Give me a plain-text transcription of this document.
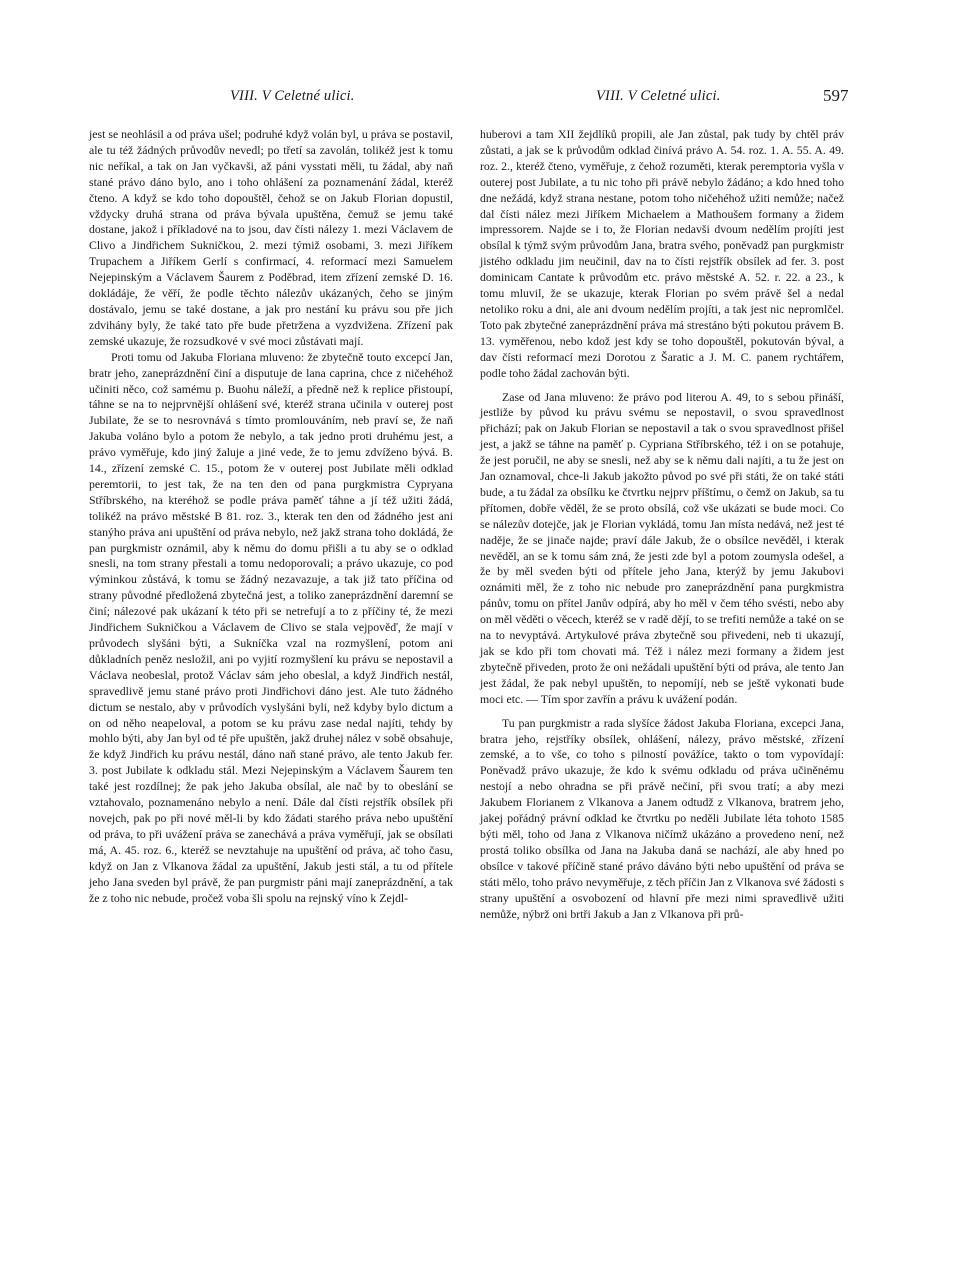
VIII. V Celetné ulici.	VIII. V Celetné ulici.	597

jest se neohlásil a od práva ušel; podruhé když volán byl, u práva se postavil, ale tu též žádných průvodův nevedl; po třetí sa zavolán, tolikéž jest k tomu nic neříkal, a tak on Jan vyčkavši, až páni vysstati měli, tu žádal, aby naň stané právo dáno bylo, ano i toho ohlášení za poznamenání žádal, kteréž čteno. A když se kdo toho dopouštěl, čehož se on Jakub Florian dopustil, vždycky druhá strana od práva bývala upuštěna, čemuž se jemu také dostane, jakož i příkladové na to jsou, dav čísti nálezy 1. mezi Václavem de Clivo a Jindřichem Sukničkou, 2. mezi týmiž osobami, 3. mezi Jiříkem Trupachem a Jiříkem Gerlí s confirmací, 4. reformací mezi Samuelem Nejepinským a Václavem Šaurem z Poděbrad, item zřízení zemské D. 16. dokládáje, že věří, že podle těchto nálezův ukázaných, čeho se jiným dostávalo, jemu se také dostane, a jak pro nestání ku právu sou pře jich zdvihány byly, že také tato pře bude přetržena a vyzdvižena. Zřízení pak zemské ukazuje, že rozsudkové v své moci zůstávati mají.

Proti tomu od Jakuba Floriana mluveno: že zbytečně touto excepcí Jan, bratr jeho, zaneprázdnění činí a disputuje de lana caprina, chce z ničehéhož učiniti něco, což samému p. Buohu náleží, a předně než k replice přistoupí, táhne se na to nejprvnější ohlášení své, kteréž strana učinila v outerej post Jubilate, že se to nesrovnává s tímto promlouváním, neb praví se, že naň Jakuba voláno bylo a potom že nebylo, a tak jedno proti druhému jest, a právo vyměřuje, kdo jiný žaluje a jiné vede, že to jemu zdvíženo bývá. B. 14., zřízení zemské C. 15., potom že v outerej post Jubilate měli odklad peremtorii, to jest tak, že na ten den od pana purgkmistra Cypryana Stříbrského, na kteréhož se podle práva paměť táhne a jí též užiti žádá, tolikéž na právo městské B 81. roz. 3., kterak ten den od žádného jest ani stanýho práva ani upuštění od práva nebylo, než jakž strana toho dokládá, že pan purgkmistr oznámil, aby k němu do domu přišli a tu aby se o odklad snesli, na tom strany přestali a tomu nedoporovali; a právo ukazuje, co pod výminkou zůstává, k tomu se žádný nezavazuje, a tak již tato příčina od strany původné předložená zbytečná jest, a toliko zaneprázdnění daremní se činí; nálezové pak ukázaní k této při se netrefují a to z příčiny té, že mezi Jindřichem Sukničkou a Václavem de Clivo se stala vejpověď, že mají v průvodech slyšáni býti, a Sukníčka vzal na rozmyšlení, potom ani důkladních peněz nesložil, ani po vyjití rozmyšlení ku právu se nepostavil a Václava neobeslal, protož Václav sám jeho obeslal, a když Jindřich nestál, spravedlivě jemu stané právo proti Jindřichovi dáno jest. Ale tuto žádného dictum se nestalo, aby v průvodích vyslyšáni byli, než kdyby bylo dictum a on od něho neapeloval, a potom se ku právu zase nedal najíti, tehdy by mohlo býti, aby Jan byl od té pře upuštěn, jakž druhej nález v sobě obsahuje, že když Jindřich ku právu nestál, dáno naň stané právo, ale tento Jakub fer. 3. post Jubilate k odkladu stál. Mezi Nejepinským a Václavem Šaurem ten také jest rozdílnej; že pak jeho Jakuba obsílal, ale nač by to obeslání se vztahovalo, poznamenáno nebylo a není. Dále dal čísti rejstřík obsílek při novejch, pak po při nové měl-li by kdo žádati starého práva nebo upuštění od práva, to při uvážení práva se zanechává a práva vyměřují, jak se obsílati má, A. 45. roz. 6., kteréž se nevztahuje na upuštění od práva, ač toho času, když on Jan z Vlkanova žádal za upuštění, Jakub jesti stál, a tu od přítele jeho Jana sveden byl právě, že pan purgmistr páni mají zaneprázdnění, a tak že z toho nic nebude, pročež voba šli spolu na rejnský víno k Zejdl-

huberovi a tam XII žejdlíků propili, ale Jan zůstal, pak tudy by chtěl práv zůstati, a jak se k průvodům odklad činívá právo A. 54. roz. 1. A. 55. A. 49. roz. 2., kteréž čteno, vyměřuje, z čehož rozuměti, kterak peremptoria vyšla v outerej post Jubilate, a tu nic toho při právě nebylo žádáno; a kdo hned toho dne nežádá, když strana nestane, potom toho ničehéhož užiti nemůže; načež dal čísti nález mezi Jiříkem Michaelem a Mathoušem formany a židem impressorem. Najde se i to, že Florian nedavši dvoum nedělím projíti jest obsílal k týmž svým průvodům Jana, bratra svého, poněvadž pan purgkmistr jistého odkladu jim neučinil, dav na to čísti rejstřík obsílek ad fer. 3. post dominicam Cantate k průvodům etc. právo městské A. 52. r. 22. a 23., k tomu mluvil, že se ukazuje, kterak Florian po svém právě šel a nedal netoliko roku a dni, ale ani dvoum nedělím projíti, a tak jest nic nepromlčel. Toto pak zbytečné zaneprázdnění práva má strestáno býti pokutou právem B. 13. vyměřenou, nebo kdož jest kdy se toho dopouštěl, pokutován býval, a dav čísti reformací mezi Dorotou z Šaratic a J. M. C. panem rychtářem, podle toho žádal zachován býti.

Zase od Jana mluveno: že právo pod literou A. 49, to s sebou přináší, jestliže by původ ku právu svému se nepostavil, o svou spravedlnost přichází; pak on Jakub Florian se nepostavil a tak o svou spravedlnost přišel jest, a jakž se táhne na paměť p. Cypriana Stříbrského, též i on se potahuje, že jest poručil, ne aby se snesli, než aby se k němu dali najíti, a tu že jest on Jan oznamoval, chce-li Jakub jakožto původ po své při státi, že on také státi bude, a tu žádal za obsílku ke čtvrtku nejprv příštímu, o čemž on Jakub, sa tu přítomen, dobře věděl, že se proto obsílá, což vše ukázati se bude moci. Co se nálezův dotejče, jak je Florian vykládá, tomu Jan místa nedává, než jest té naděje, že se jinače najde; praví dále Jakub, že o obsílce nevěděl, i kterak nevěděl, an se k tomu sám zná, že jesti zde byl a potom zoumysla odešel, a že by měl sveden býti od přítele jeho Jana, kterýž by jemu Jakubovi oznámiti měl, že z toho nic nebude pro zaneprázdnění pana purgkmistra pánův, tomu on přítel Janův odpírá, aby ho měl v čem tého svésti, nebo aby on měl věděti o věcech, kteréž se v radě dějí, to se trefiti nemůže a také on se na to nevyptává. Artykulové práva zbytečně sou přivedeni, neb ti ukazují, jak se kdo při tom chovati má. Též i nález mezi formany a židem jest zbytečně přiveden, proto že oni nežádali upuštění býti od práva, ale tento Jan jest žádal, že pak nebyl upuštěn, to nepomíjí, neb se ještě vykonati bude moci etc. — Tím spor zavřín a právu k uvážení podán.

Tu pan purgkmistr a rada slyšíce žádost Jakuba Floriana, excepci Jana, bratra jeho, rejstříky obsílek, ohlášení, nálezy, právo městské, zřízení zemské, a to vše, co toho s pilností povážíce, takto o tom vypovídají: Poněvadž právo ukazuje, že kdo k svému odkladu od práva učiněnému nestojí a nebo ohradna se při právě nečiní, při svou tratí; a aby mezi Jakubem Florianem z Vlkanova a Janem odtudž z Vlkanova, bratrem jeho, jakej pořádný právní odklad ke čtvrtku po neděli Jubilate léta tohoto 1585 býti měl, toho od Jana z Vlkanova ničímž ukázáno a provedeno není, než prostá toliko obsílka od Jana na Jakuba daná se nachází, ale aby hned po obsílce v takové příčině stané právo dáváno býti nebo upuštění od práva se státi mělo, toho právo nevyměřuje, z těch příčin Jan z Vlkanova své žádosti s strany upuštění a osvobození od hlavní pře mezi nimi spravedlivě užiti nemůže, nýbrž oni brtři Jakub a Jan z Vlkanova při prů-
